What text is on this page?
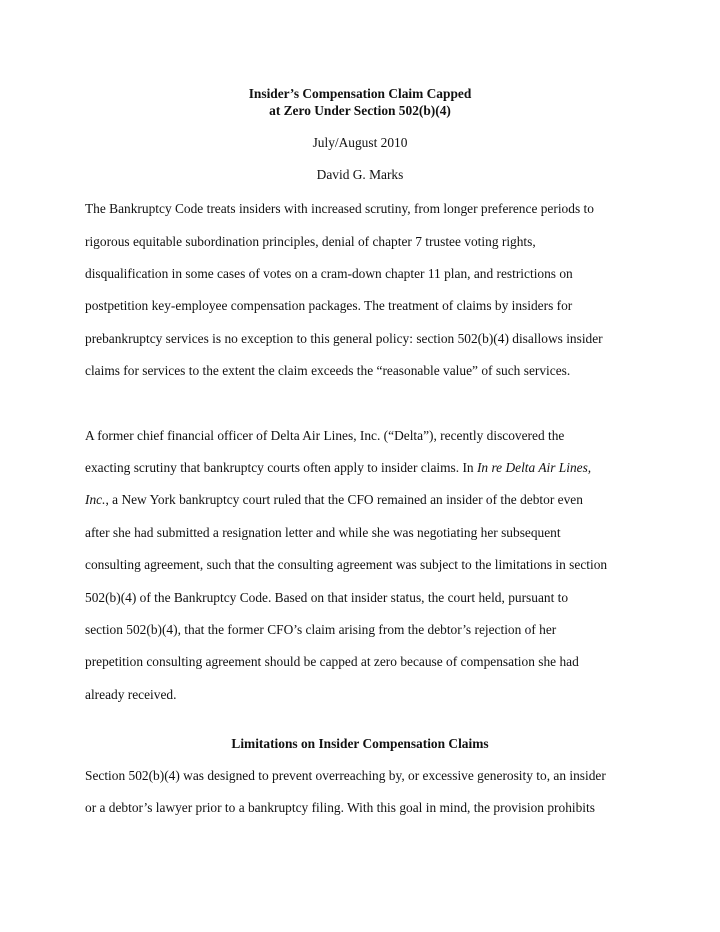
Insider’s Compensation Claim Capped
at Zero Under Section 502(b)(4)
July/August 2010
David G. Marks
The Bankruptcy Code treats insiders with increased scrutiny, from longer preference periods to
rigorous equitable subordination principles, denial of chapter 7 trustee voting rights,
disqualification in some cases of votes on a cram-down chapter 11 plan, and restrictions on
postpetition key-employee compensation packages. The treatment of claims by insiders for
prebankruptcy services is no exception to this general policy: section 502(b)(4) disallows insider
claims for services to the extent the claim exceeds the “reasonable value” of such services.
A former chief financial officer of Delta Air Lines, Inc. (“Delta”), recently discovered the
exacting scrutiny that bankruptcy courts often apply to insider claims. In In re Delta Air Lines,
Inc., a New York bankruptcy court ruled that the CFO remained an insider of the debtor even
after she had submitted a resignation letter and while she was negotiating her subsequent
consulting agreement, such that the consulting agreement was subject to the limitations in section
502(b)(4) of the Bankruptcy Code. Based on that insider status, the court held, pursuant to
section 502(b)(4), that the former CFO’s claim arising from the debtor’s rejection of her
prepetition consulting agreement should be capped at zero because of compensation she had
already received.
Limitations on Insider Compensation Claims
Section 502(b)(4) was designed to prevent overreaching by, or excessive generosity to, an insider
or a debtor’s lawyer prior to a bankruptcy filing. With this goal in mind, the provision prohibits
